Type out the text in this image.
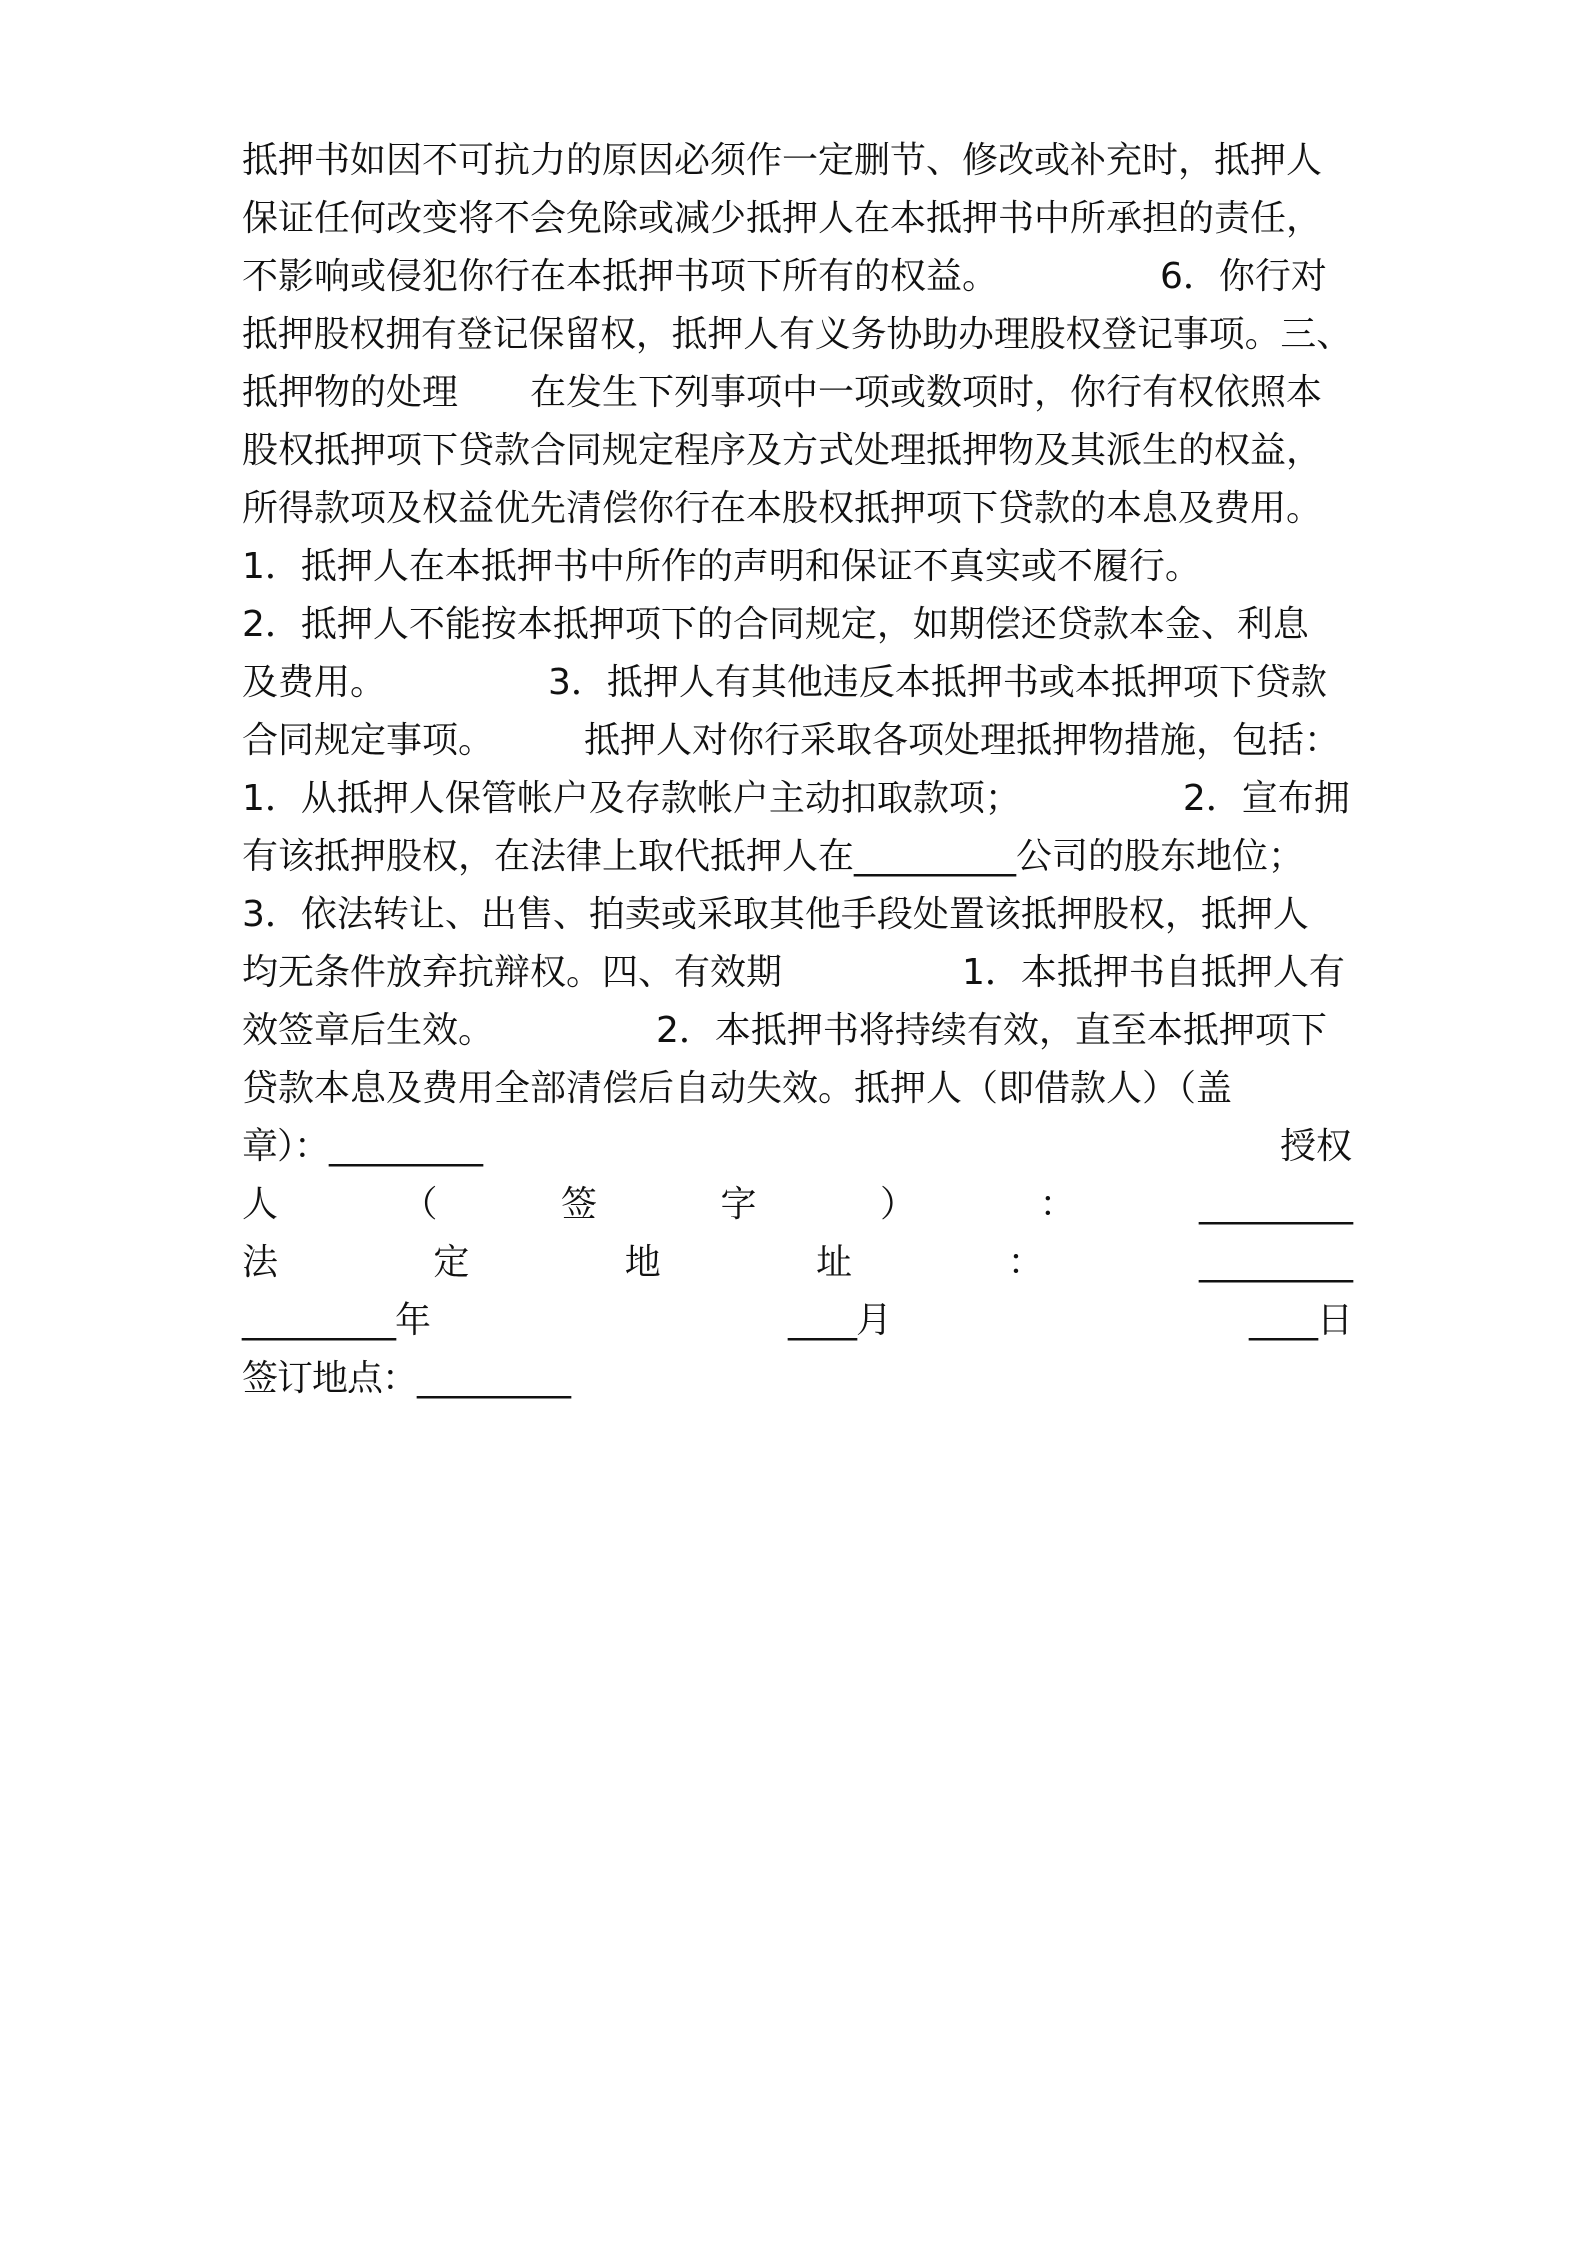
抵押书如因不可抗力的原因必须作一定删节、修改或补充时，抵押人
保证任何改变将不会免除或减少抵押人在本抵押书中所承担的责任，
不影响或侵犯你行在本抵押书项下所有的权益。　　　　　6．你行对
抵押股权拥有登记保留权，抵押人有义务协助办理股权登记事项。三、
抵押物的处理　　在发生下列事项中一项或数项时，你行有权依照本
股权抵押项下贷款合同规定程序及方式处理抵押物及其派生的权益，
所得款项及权益优先清偿你行在本股权抵押项下贷款的本息及费用。
1．抵押人在本抵押书中所作的声明和保证不真实或不履行。
2．抵押人不能按本抵押项下的合同规定，如期偿还贷款本金、利息
及费用。　　　　　3．抵押人有其他违反本抵押书或本抵押项下贷款
合同规定事项。　　　抵押人对你行采取各项处理抵押物措施，包括：
1．从抵押人保管帐户及存款帐户主动扣取款项；　　　　　2．宣布拥
有该抵押股权，在法律上取代抵押人在_________公司的股东地位；
3．依法转让、出售、拍卖或采取其他手段处置该抵押股权，抵押人
均无条件放弃抗辩权。四、有效期　　　　　1．本抵押书自抵押人有
效签章后生效。　　　　　2．本抵押书将持续有效，直至本抵押项下
贷款本息及费用全部清偿后自动失效。抵押人（即借款人）（盖
章）：_________	授权
人	（	签	字	）	：	_________
法	定	地	址	：	_________
_________年	____月	____日
签订地点：_________
